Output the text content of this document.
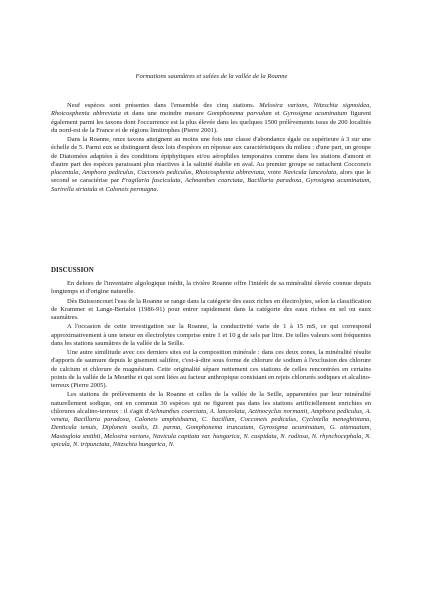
Formations saumâtres et salées de la vallée de la Roanne

Neuf espèces sont présentes dans l'ensemble des cinq stations. Melosira varians, Nitzschia sigmoidea, Rhoicosphenia abbreviata et dans une moindre mesure Gomphonema parvulum et Gyrosigma acuminatum figurent également parmi les taxons dont l'occurrence est la plus élevée dans les quelques 1500 prélèvements issus de 200 localités du nord-est de la France et de régions limitrophes (Pierre 2001).

Dans la Roanne, onze taxons atteignent au moins une fois une classe d'abondance égale ou supérieure à 3 sur une échelle de 5. Parmi eux se distinguent deux lots d'espèces en réponse aux caractéristiques du milieu : d'une part, un groupe de Diatomées adaptées à des conditions épiphytiques et/ou aérophiles temporaires comme dans les stations d'amont et d'autre part des espèces paraissant plus réactives à la salinité établie en aval. Au premier groupe se rattachent Cocconeis placentula, Amphora pediculus, Cocconeis pediculus, Rhoicosphenia abbreviata, voire Navicula lanceolata, alors que le second se caractérise par Fragilaria fasciculata, Achnanthes coarctata, Bacillaria paradoxa, Gyrosigma acuminatum, Surirella striatula et Caloneis permagna.

DISCUSSION

En dehors de l'inventaire algologique inédit, la rivière Roanne offre l'intérêt de sa minéralité élevée connue depuis longtemps et d'origine naturelle.

Dès Buissoncourt l'eau de la Roanne se range dans la catégorie des eaux riches en électrolytes, selon la classification de Krammer et Lange-Bertalot (1986-91) pour entrer rapidement dans la catégorie des eaux riches en sel ou eaux saumâtres.

A l'occasion de cette investigation sur la Roanne, la conductivité varie de 1 à 15 mS, ce qui correspond approximativement à une teneur en électrolytes comprise entre 1 et 10 g de sels par litre. De telles valeurs sont fréquentes dans les stations saumâtres de la vallée de la Seille.

Une autre similitude avec ces derniers sites est la composition minérale : dans ces deux zones, la minéralité résulte d'apports de saumure depuis le gisement salifère, c'est-à-dire sous forme de chlorure de sodium à l'exclusion des chlorure de calcium et chlorure de magnésium. Cette originalité sépare nettement ces stations de celles rencontrées en certains points de la vallée de la Meurthe et qui sont liées au facteur anthropique consistant en rejets chlorurés sodiques et alcalino-terreux (Pierre 2005).

Les stations de prélèvements de la Roanne et celles de la vallée de la Seille, apparentées par leur minéralité naturellement sodique, ont en commun 30 espèces qui ne figurent pas dans les stations artificiellement enrichies en chlorures alcalino-terreux : il s'agit d'Achnanthes coarctata, A. lanceolata, Actinocyclus normanii, Amphora pediculus, A. veneta, Bacillaria paradoxa, Caloneis amphisbaena, C. bacillum, Cocconeis pediculus, Cyclotella meneghiniana, Denticula tenuis, Diploneis ovalis, D. parma, Gomphonema truncatum, Gyrosigma acuminatum, G. attenuatum, Mastogloia smithii, Melosira varians, Navicula capitata var. hungarica, N. cuspidata, N. radiosa, N. rhynchocephala, N. spicula, N. tripunctata, Nitzschia hungarica, N.
